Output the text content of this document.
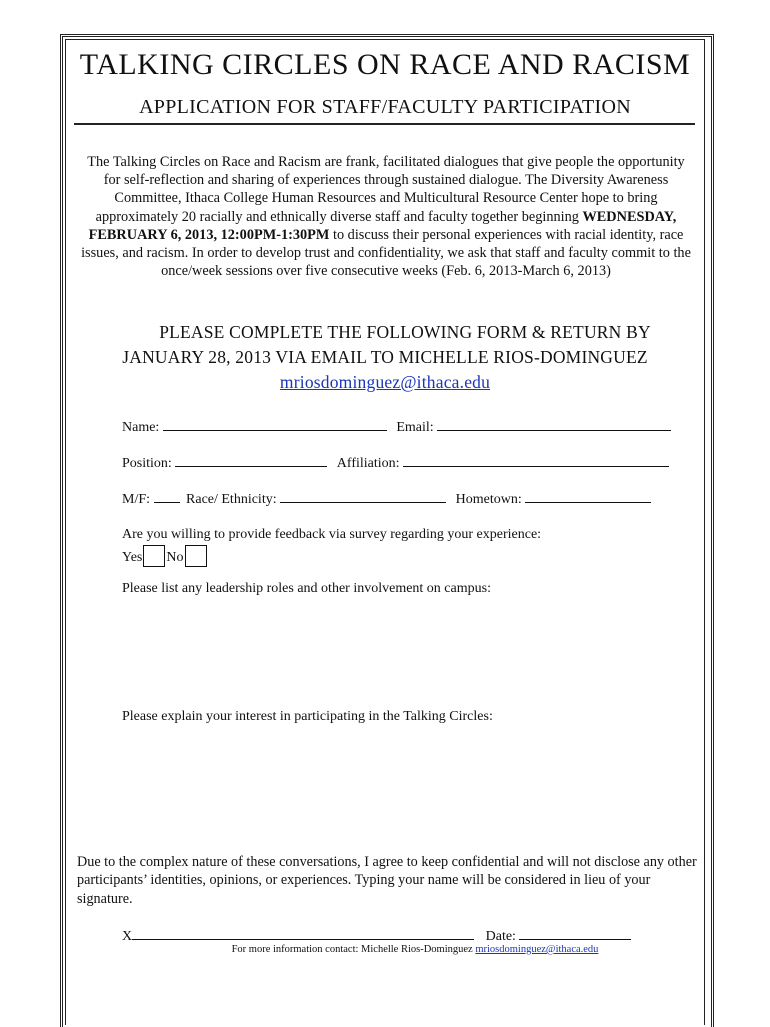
TALKING CIRCLES ON RACE AND RACISM
APPLICATION FOR STAFF/FACULTY PARTICIPATION
The Talking Circles on Race and Racism are frank, facilitated dialogues that give people the opportunity for self-reflection and sharing of experiences through sustained dialogue. The Diversity Awareness Committee, Ithaca College Human Resources and Multicultural Resource Center hope to bring approximately 20 racially and ethnically diverse staff and faculty together beginning WEDNESDAY, FEBRUARY 6, 2013, 12:00PM-1:30PM to discuss their personal experiences with racial identity, race issues, and racism. In order to develop trust and confidentiality, we ask that staff and faculty commit to the once/week sessions over five consecutive weeks (Feb. 6, 2013-March 6, 2013)
PLEASE COMPLETE THE FOLLOWING FORM & RETURN BY
JANUARY 28, 2013 VIA EMAIL TO MICHELLE RIOS-DOMINGUEZ
mriosdominguez@ithaca.edu
Name:	Email:
Position:	Affiliation:
M/F:	Race/ Ethnicity:	Hometown:
Are you willing to provide feedback via survey regarding your experience:
Yes No
Please list any leadership roles and other involvement on campus:
Please explain your interest in participating in the Talking Circles:
Due to the complex nature of these conversations, I agree to keep confidential and will not disclose any other participants’ identities, opinions, or experiences. Typing your name will be considered in lieu of your signature.
X	Date:
For more information contact: Michelle Rios-Dominguez mriosdominguez@ithaca.edu
